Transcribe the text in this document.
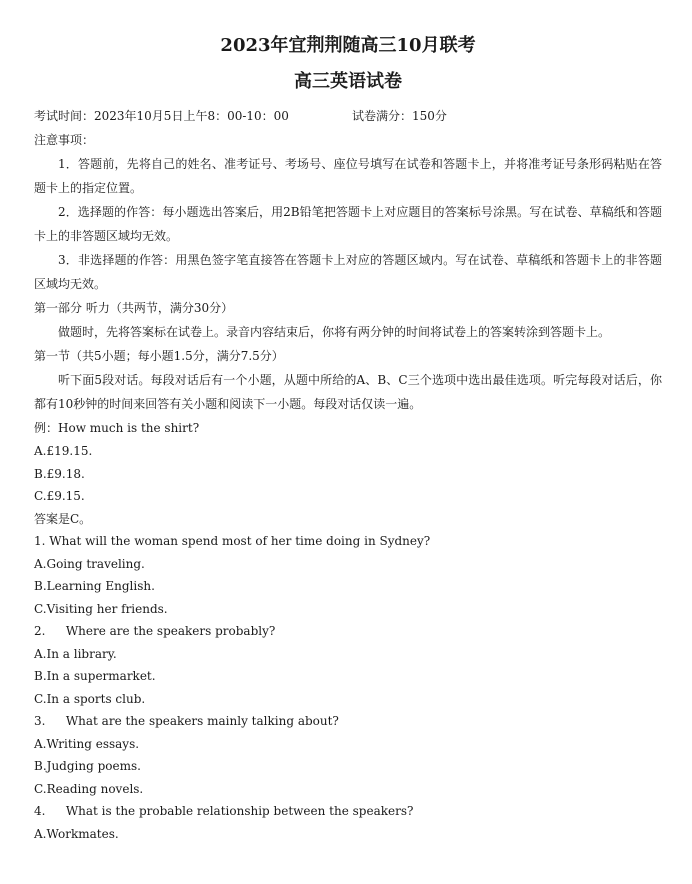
2023年宜荆荆随高三10月联考
高三英语试卷
考试时间：2023年10月5日上午8：00-10：00	试卷满分：150分

注意事项：

1．答题前，先将自己的姓名、准考证号、考场号、座位号填写在试卷和答题卡上，并将准考证号条形码粘贴在答题卡上的指定位置。

2．选择题的作答：每小题选出答案后，用2B铅笔把答题卡上对应题目的答案标号涂黑。写在试卷、草稿纸和答题卡上的非答题区域均无效。

3．非选择题的作答：用黑色签字笔直接答在答题卡上对应的答题区域内。写在试卷、草稿纸和答题卡上的非答题区域均无效。

第一部分 听力（共两节，满分30分）

做题时，先将答案标在试卷上。录音内容结束后，你将有两分钟的时间将试卷上的答案转涂到答题卡上。

第一节（共5小题；每小题1.5分，满分7.5分）

听下面5段对话。每段对话后有一个小题，从题中所给的A、B、C三个选项中选出最佳选项。听完每段对话后，你都有10秒钟的时间来回答有关小题和阅读下一小题。每段对话仅读一遍。

例：How much is the shirt?

A.£19.15.

B.£9.18.

C.£9.15.

答案是C。

1. What will the woman spend most of her time doing in Sydney?

A.Going traveling.

B.Learning English.

C.Visiting her friends.

2. Where are the speakers probably?

A.In a library.

B.In a supermarket.

C.In a sports club.

3. What are the speakers mainly talking about?

A.Writing essays.

B.Judging poems.

C.Reading novels.

4. What is the probable relationship between the speakers?

A.Workmates.
